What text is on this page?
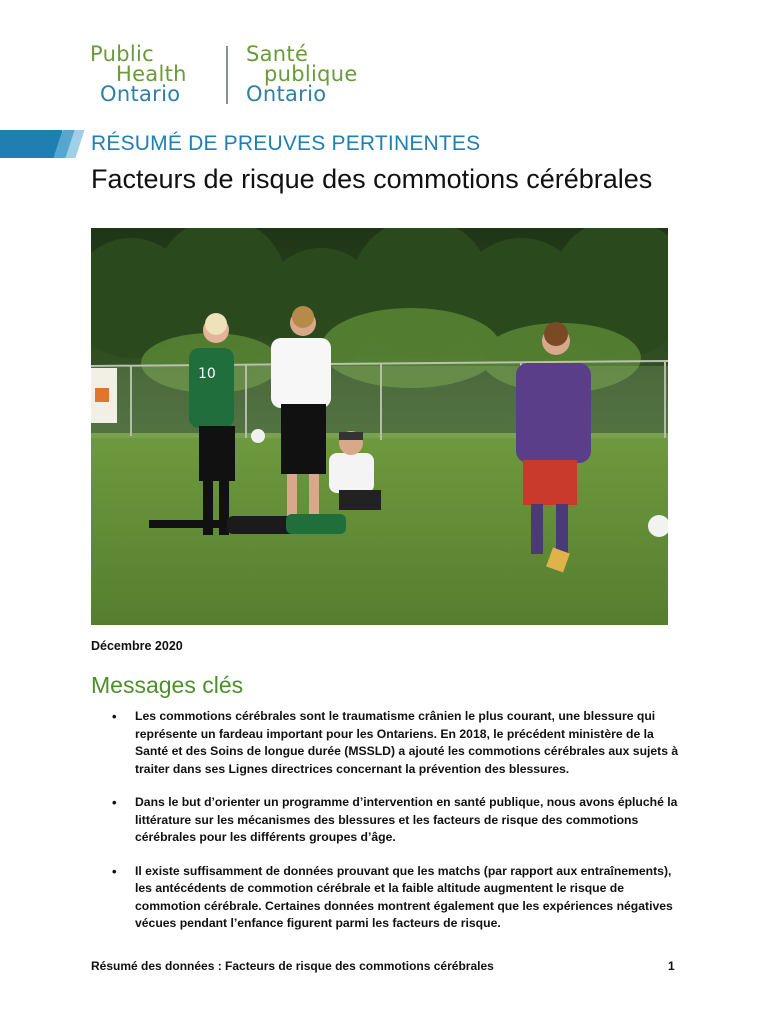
Public
Health
Ontario
Santé
publique
Ontario
RÉSUMÉ DE PREUVES PERTINENTES
Facteurs de risque des commotions cérébrales
10
Décembre 2020
Messages clés
• Les commotions cérébrales sont le traumatisme crânien le plus courant, une blessure qui représente un fardeau important pour les Ontariens. En 2018, le précédent ministère de la Santé et des Soins de longue durée (MSSLD) a ajouté les commotions cérébrales aux sujets à traiter dans ses Lignes directrices concernant la prévention des blessures.
• Dans le but d’orienter un programme d’intervention en santé publique, nous avons épluché la littérature sur les mécanismes des blessures et les facteurs de risque des commotions cérébrales pour les différents groupes d’âge.
• Il existe suffisamment de données prouvant que les matchs (par rapport aux entraînements), les antécédents de commotion cérébrale et la faible altitude augmentent le risque de commotion cérébrale. Certaines données montrent également que les expériences négatives vécues pendant l’enfance figurent parmi les facteurs de risque.
Résumé des données : Facteurs de risque des commotions cérébrales	1
